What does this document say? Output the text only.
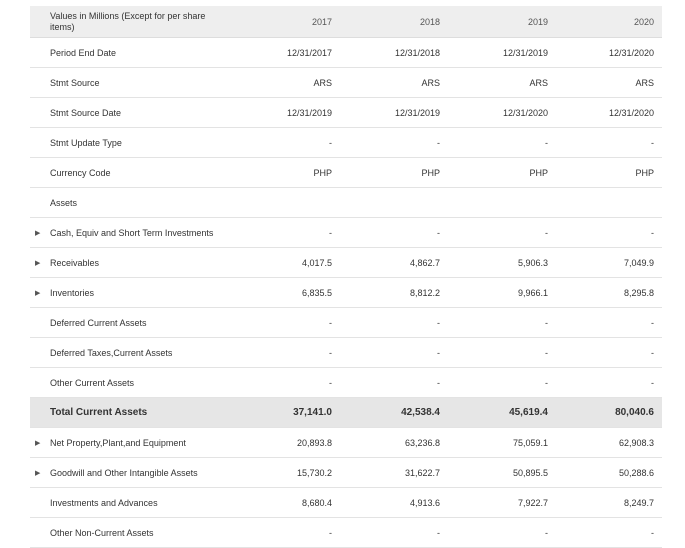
Values in Millions (Except for per share items)	2017	2018	2019	2020
Period End Date	12/31/2017	12/31/2018	12/31/2019	12/31/2020
Stmt Source	ARS	ARS	ARS	ARS
Stmt Source Date	12/31/2019	12/31/2019	12/31/2020	12/31/2020
Stmt Update Type	-	-	-	-
Currency Code	PHP	PHP	PHP	PHP
Assets
▶ Cash, Equiv and Short Term Investments	-	-	-	-
▶ Receivables	4,017.5	4,862.7	5,906.3	7,049.9
▶ Inventories	6,835.5	8,812.2	9,966.1	8,295.8
Deferred Current Assets	-	-	-	-
Deferred Taxes,Current Assets	-	-	-	-
Other Current Assets	-	-	-	-
Total Current Assets	37,141.0	42,538.4	45,619.4	80,040.6
▶ Net Property,Plant,and Equipment	20,893.8	63,236.8	75,059.1	62,908.3
▶ Goodwill and Other Intangible Assets	15,730.2	31,622.7	50,895.5	50,288.6
Investments and Advances	8,680.4	4,913.6	7,922.7	8,249.7
Other Non-Current Assets	-	-	-	-
